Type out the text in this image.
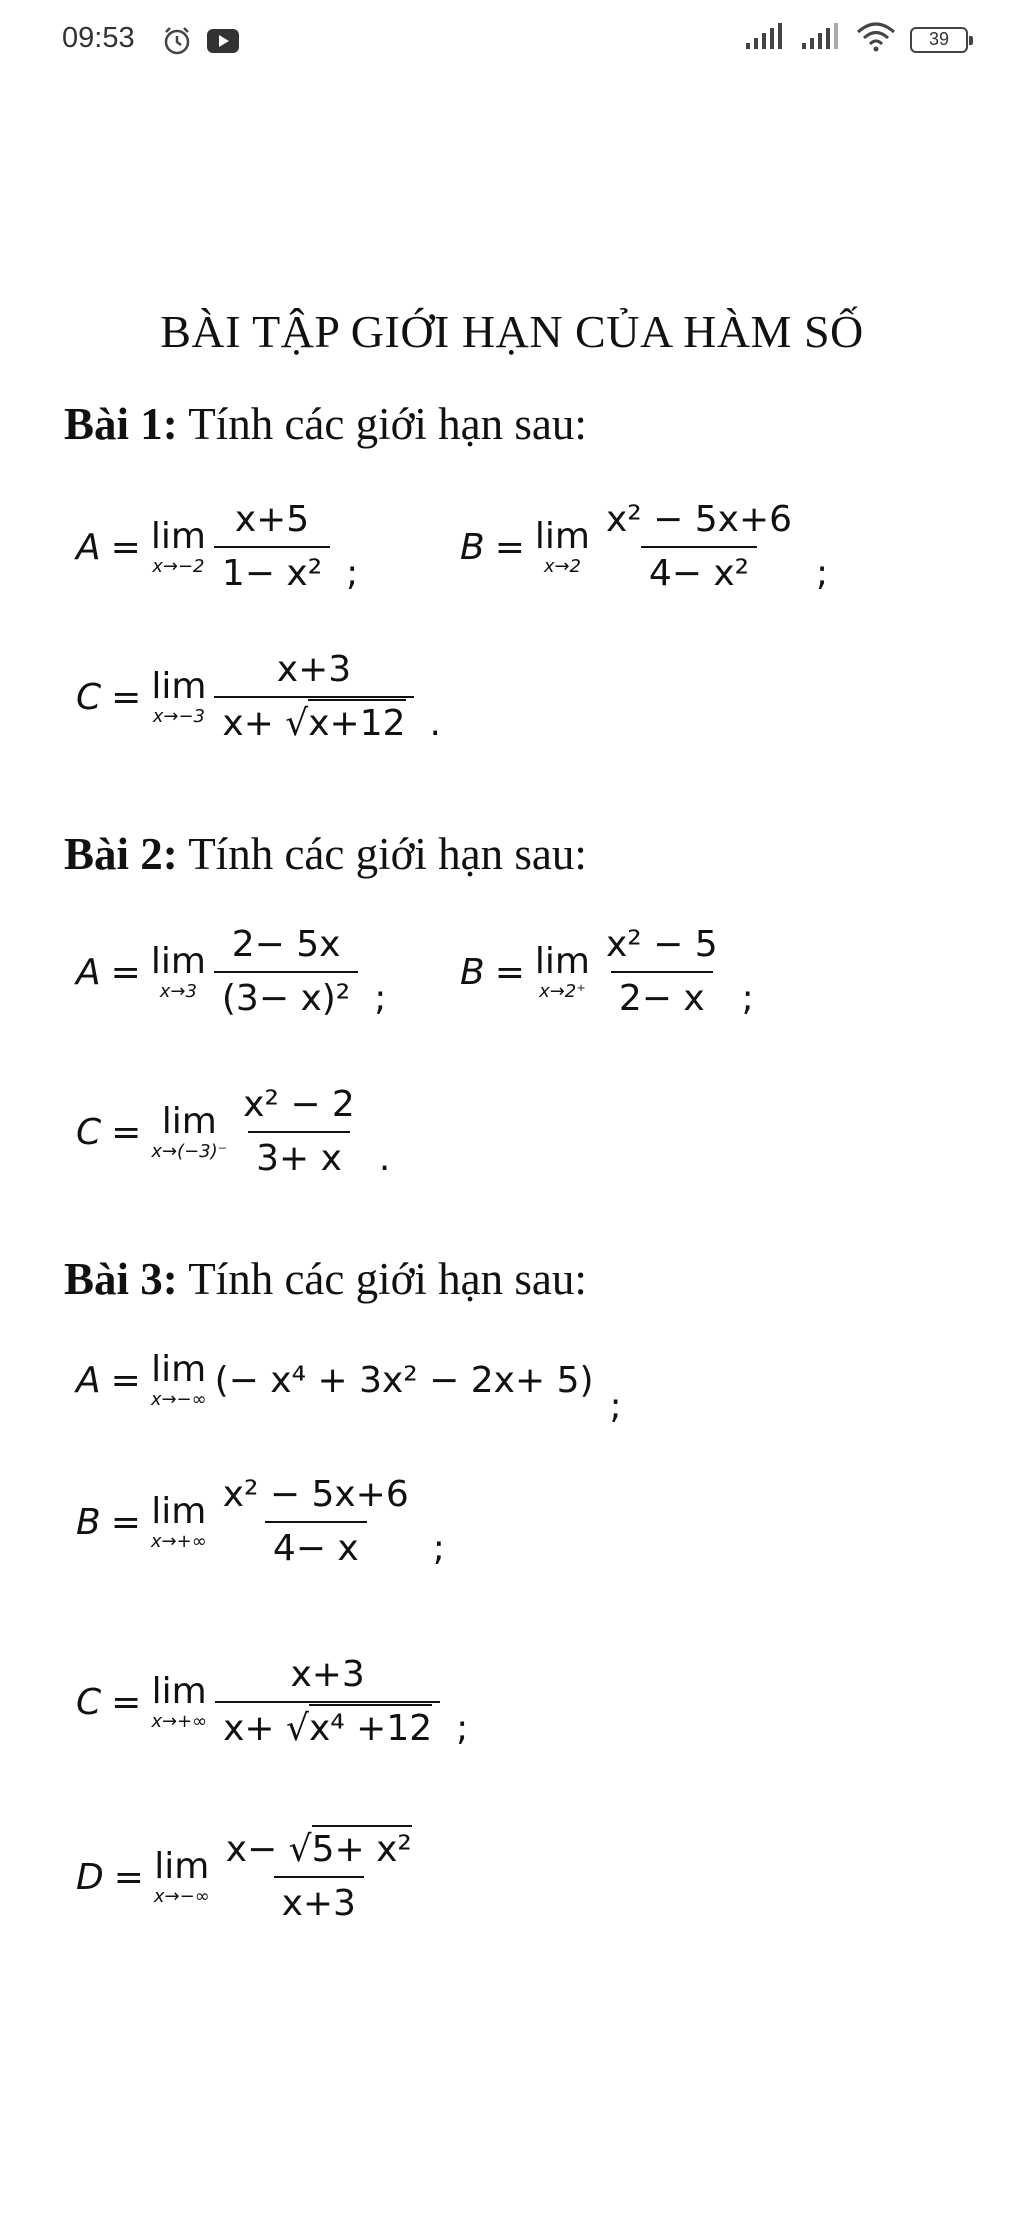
09:53	39
BÀI TẬP GIỚI HẠN CỦA HÀM SỐ
Bài 1: Tính các giới hạn sau:
A = lim
$x\to-2 \frac{x+5}{\text{1− x²}}$ ;
B = lim
$x\to 2 \frac{\text{x² − 5x+6}}{\text{4− x²}}$ ;
C = lim
$x\to-3 \frac{x+3}{x+ √x+12}$ .
Bài 2: Tính các giới hạn sau:
A = lim
$x\to 3 \frac{2- 5x}{\text{(3− x)²}}$ ;
B = lim
$x\to 2^+ \frac{\text{x² − 5}}{2- x}$ ;
C = lim
$x\to(-3)^- \frac{\text{x² − 2}}{3+ x}$ .
Bài 3: Tính các giới hạn sau:
A = lim
x→−∞ (− x⁴ + 3x² − 2x+ 5)
;
B = lim
$x\to+\infty \frac{\text{x² − 5x+6}}{4- x}$ ;
C = lim
$x\to+\infty \frac{x+3}{\text{x+ √x⁴ +12}}$ ;
D = lim
$x\to-\infty \frac{\text{x− √5+ x²}}{x+3}$
